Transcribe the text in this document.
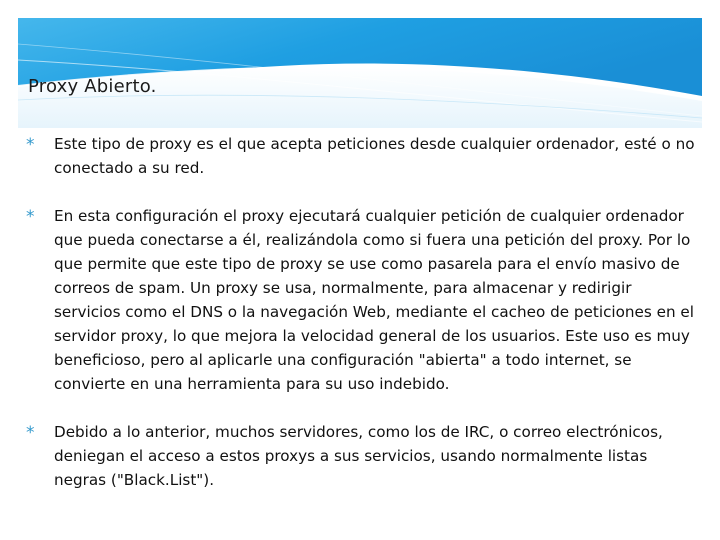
Proxy Abierto.
* Este tipo de proxy es el que acepta peticiones desde cualquier ordenador, esté o no conectado a su red.
* En esta configuración el proxy ejecutará cualquier petición de cualquier ordenador que pueda conectarse a él, realizándola como si fuera una petición del proxy. Por lo que permite que este tipo de proxy se use como pasarela para el envío masivo de correos de spam. Un proxy se usa, normalmente, para almacenar y redirigir servicios como el DNS o la navegación Web, mediante el cacheo de peticiones en el servidor proxy, lo que mejora la velocidad general de los usuarios. Este uso es muy beneficioso, pero al aplicarle una configuración "abierta" a todo internet, se convierte en una herramienta para su uso indebido.
* Debido a lo anterior, muchos servidores, como los de IRC, o correo electrónicos, deniegan el acceso a estos proxys a sus servicios, usando normalmente listas negras ("Black.List").
